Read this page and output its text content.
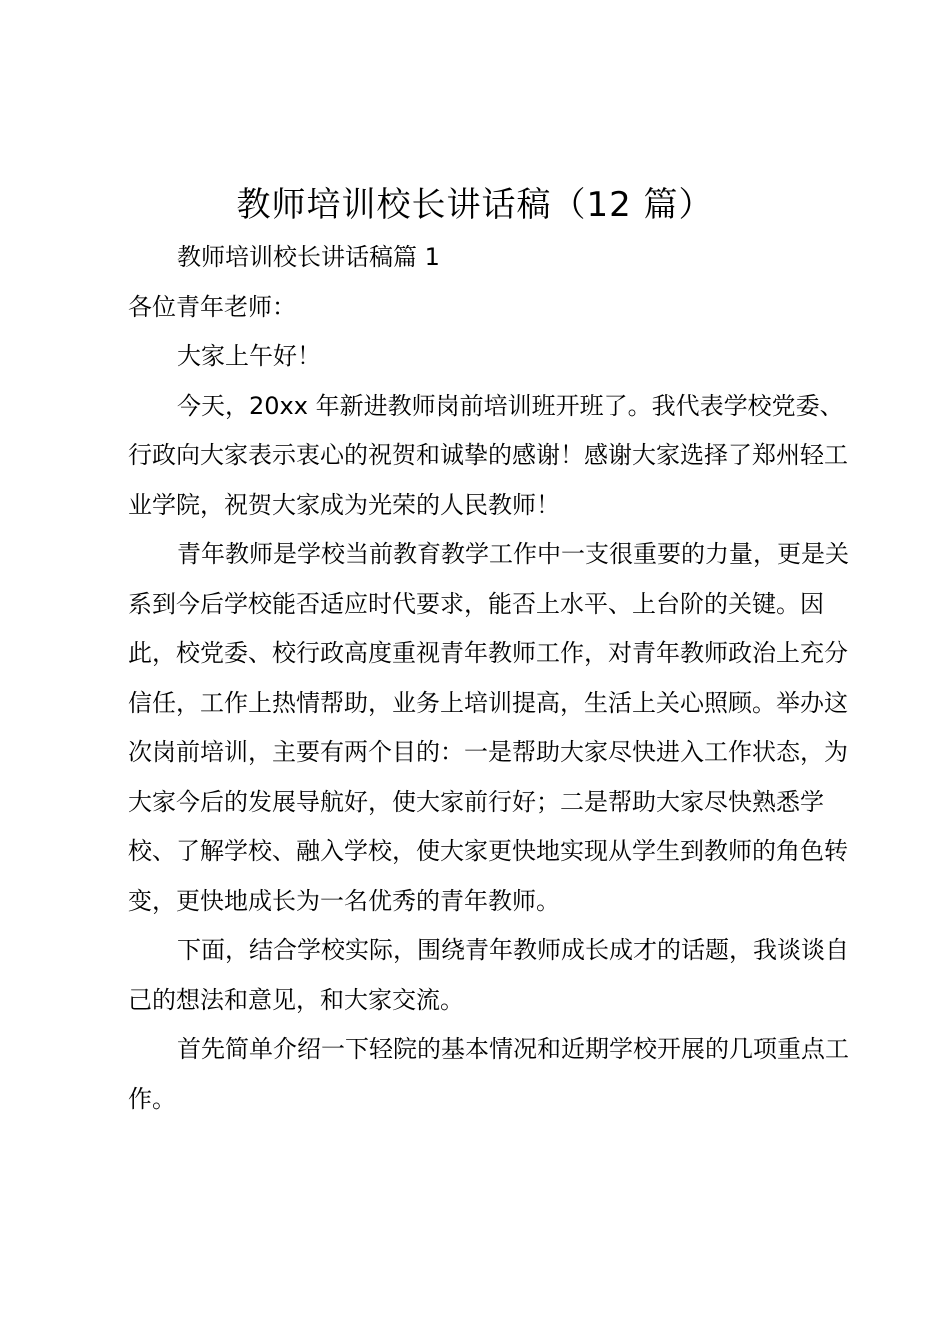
教师培训校长讲话稿（12 篇）

教师培训校长讲话稿篇 1

各位青年老师：

大家上午好！

今天，20xx 年新进教师岗前培训班开班了。我代表学校党委、行政向大家表示衷心的祝贺和诚挚的感谢！感谢大家选择了郑州轻工业学院，祝贺大家成为光荣的人民教师！

青年教师是学校当前教育教学工作中一支很重要的力量，更是关系到今后学校能否适应时代要求，能否上水平、上台阶的关键。因此，校党委、校行政高度重视青年教师工作，对青年教师政治上充分信任，工作上热情帮助，业务上培训提高，生活上关心照顾。举办这次岗前培训，主要有两个目的：一是帮助大家尽快进入工作状态，为大家今后的发展导航好，使大家前行好；二是帮助大家尽快熟悉学校、了解学校、融入学校，使大家更快地实现从学生到教师的角色转变，更快地成长为一名优秀的青年教师。

下面，结合学校实际，围绕青年教师成长成才的话题，我谈谈自己的想法和意见，和大家交流。

首先简单介绍一下轻院的基本情况和近期学校开展的几项重点工作。
